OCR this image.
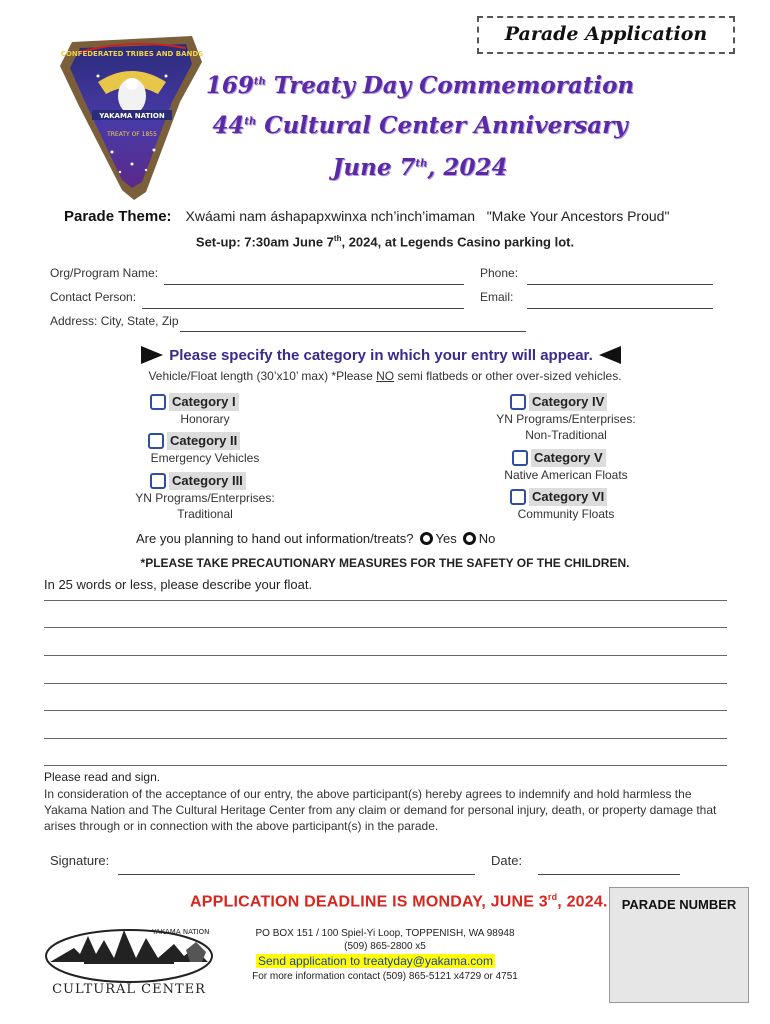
Parade Application
CONFEDERATED TRIBES AND BANDS
YAKAMA NATION
TREATY OF 1855
169th Treaty Day Commemoration
44th Cultural Center Anniversary
June 7th, 2024
Parade Theme: Xwáami nam áshapapxwinxa nch’inch’imaman "Make Your Ancestors Proud"
Set-up: 7:30am June 7th, 2024, at Legends Casino parking lot.
Org/Program Name:	Phone:
Contact Person:	Email:
Address: City, State, Zip
Please specify the category in which your entry will appear.
Vehicle/Float length (30’x10’ max) *Please NO semi flatbeds or other over-sized vehicles.
Category I
Honorary
Category II
Emergency Vehicles
Category III
YN Programs/Enterprises:
Traditional
Category IV
YN Programs/Enterprises:
Non-Traditional
Category V
Native American Floats
Category VI
Community Floats
Are you planning to hand out information/treats? Yes No
*PLEASE TAKE PRECAUTIONARY MEASURES FOR THE SAFETY OF THE CHILDREN.
In 25 words or less, please describe your float.
Please read and sign.
In consideration of the acceptance of our entry, the above participant(s) hereby agrees to indemnify and hold harmless the Yakama Nation and The Cultural Heritage Center from any claim or demand for personal injury, death, or property damage that arises through or in connection with the above participant(s) in the parade.
Signature:	Date:
APPLICATION DEADLINE IS MONDAY, JUNE 3rd, 2024.	PARADE NUMBER
YAKAMA NATION
CULTURAL CENTER
PO BOX 151 / 100 Spiel-Yi Loop, TOPPENISH, WA 98948
(509) 865-2800 x5
Send application to treatyday@yakama.com
For more information contact (509) 865-5121 x4729 or 4751
